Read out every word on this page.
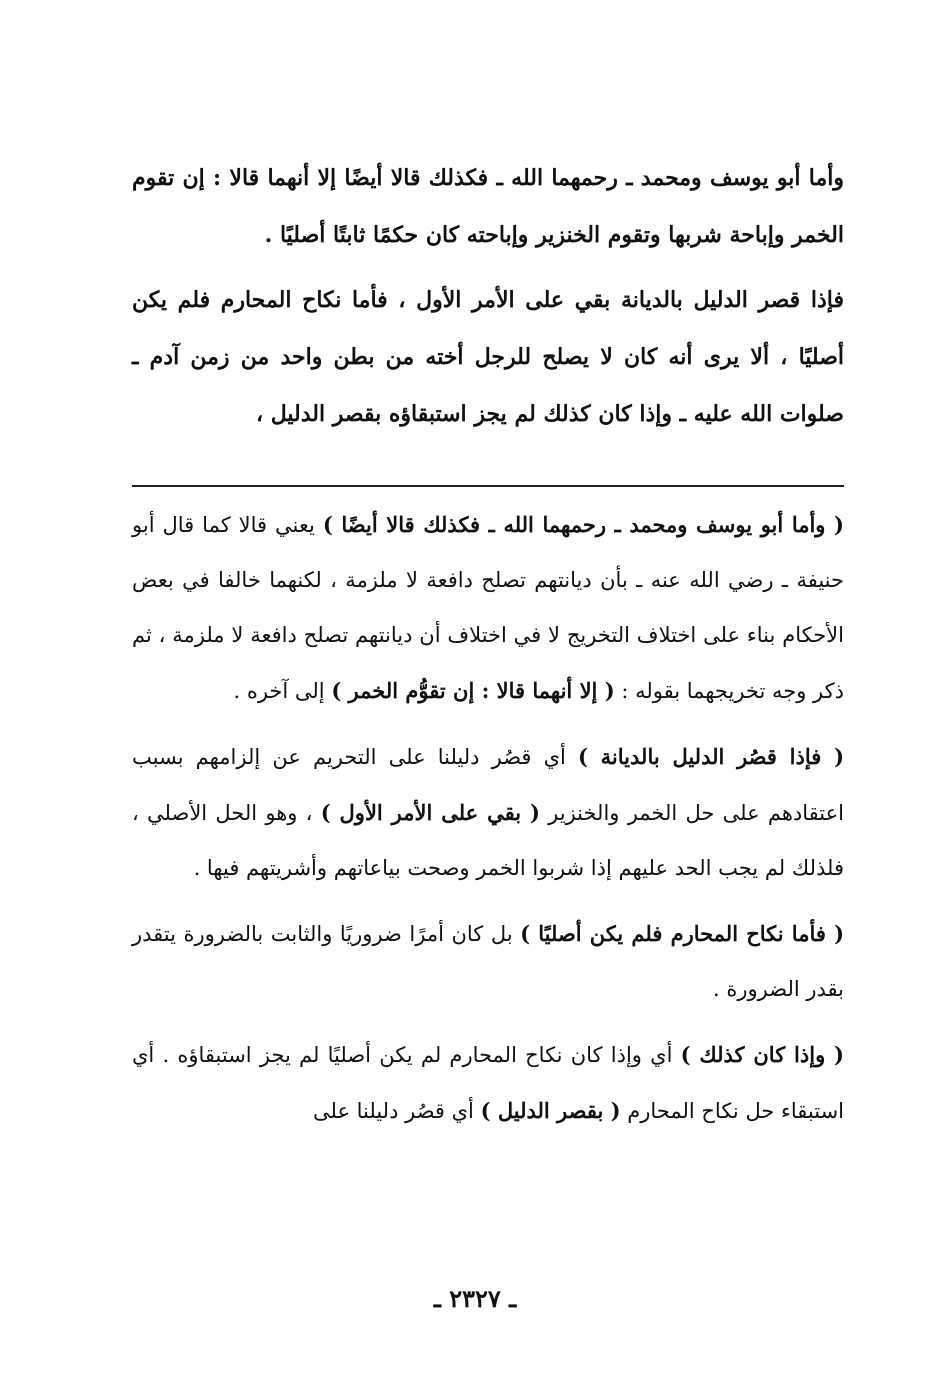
وأما أبو يوسف ومحمد ـ رحمهما الله ـ فكذلك قالا أيضًا إلا أنهما قالا : إن تقوم الخمر وإباحة شربها وتقوم الخنزير وإباحته كان حكمًا ثابتًا أصليًا .

فإذا قصر الدليل بالديانة بقي على الأمر الأول ، فأما نكاح المحارم فلم يكن أصليًا ، ألا يرى أنه كان لا يصلح للرجل أخته من بطن واحد من زمن آدم ـ صلوات الله عليه ـ وإذا كان كذلك لم يجز استبقاؤه بقصر الدليل ،

( وأما أبو يوسف ومحمد ـ رحمهما الله ـ فكذلك قالا أيضًا ) يعني قالا كما قال أبو حنيفة ـ رضي الله عنه ـ بأن ديانتهم تصلح دافعة لا ملزمة ، لكنهما خالفا في بعض الأحكام بناء على اختلاف التخريج لا في اختلاف أن ديانتهم تصلح دافعة لا ملزمة ، ثم ذكر وجه تخريجهما بقوله : ( إلا أنهما قالا : إن تقوُّم الخمر ) إلى آخره .

( فإذا قصُر الدليل بالديانة ) أي قصُر دليلنا على التحريم عن إلزامهم بسبب اعتقادهم على حل الخمر والخنزير ( بقي على الأمر الأول ) ، وهو الحل الأصلي ، فلذلك لم يجب الحد عليهم إذا شربوا الخمر وصحت بياعاتهم وأشريتهم فيها .

( فأما نكاح المحارم فلم يكن أصليًا ) بل كان أمرًا ضروريًا والثابت بالضرورة يتقدر بقدر الضرورة .

( وإذا كان كذلك ) أي وإذا كان نكاح المحارم لم يكن أصليًا لم يجز استبقاؤه . أي استبقاء حل نكاح المحارم ( بقصر الدليل ) أي قصُر دليلنا على

ـ ٢٣٢٧ ـ
